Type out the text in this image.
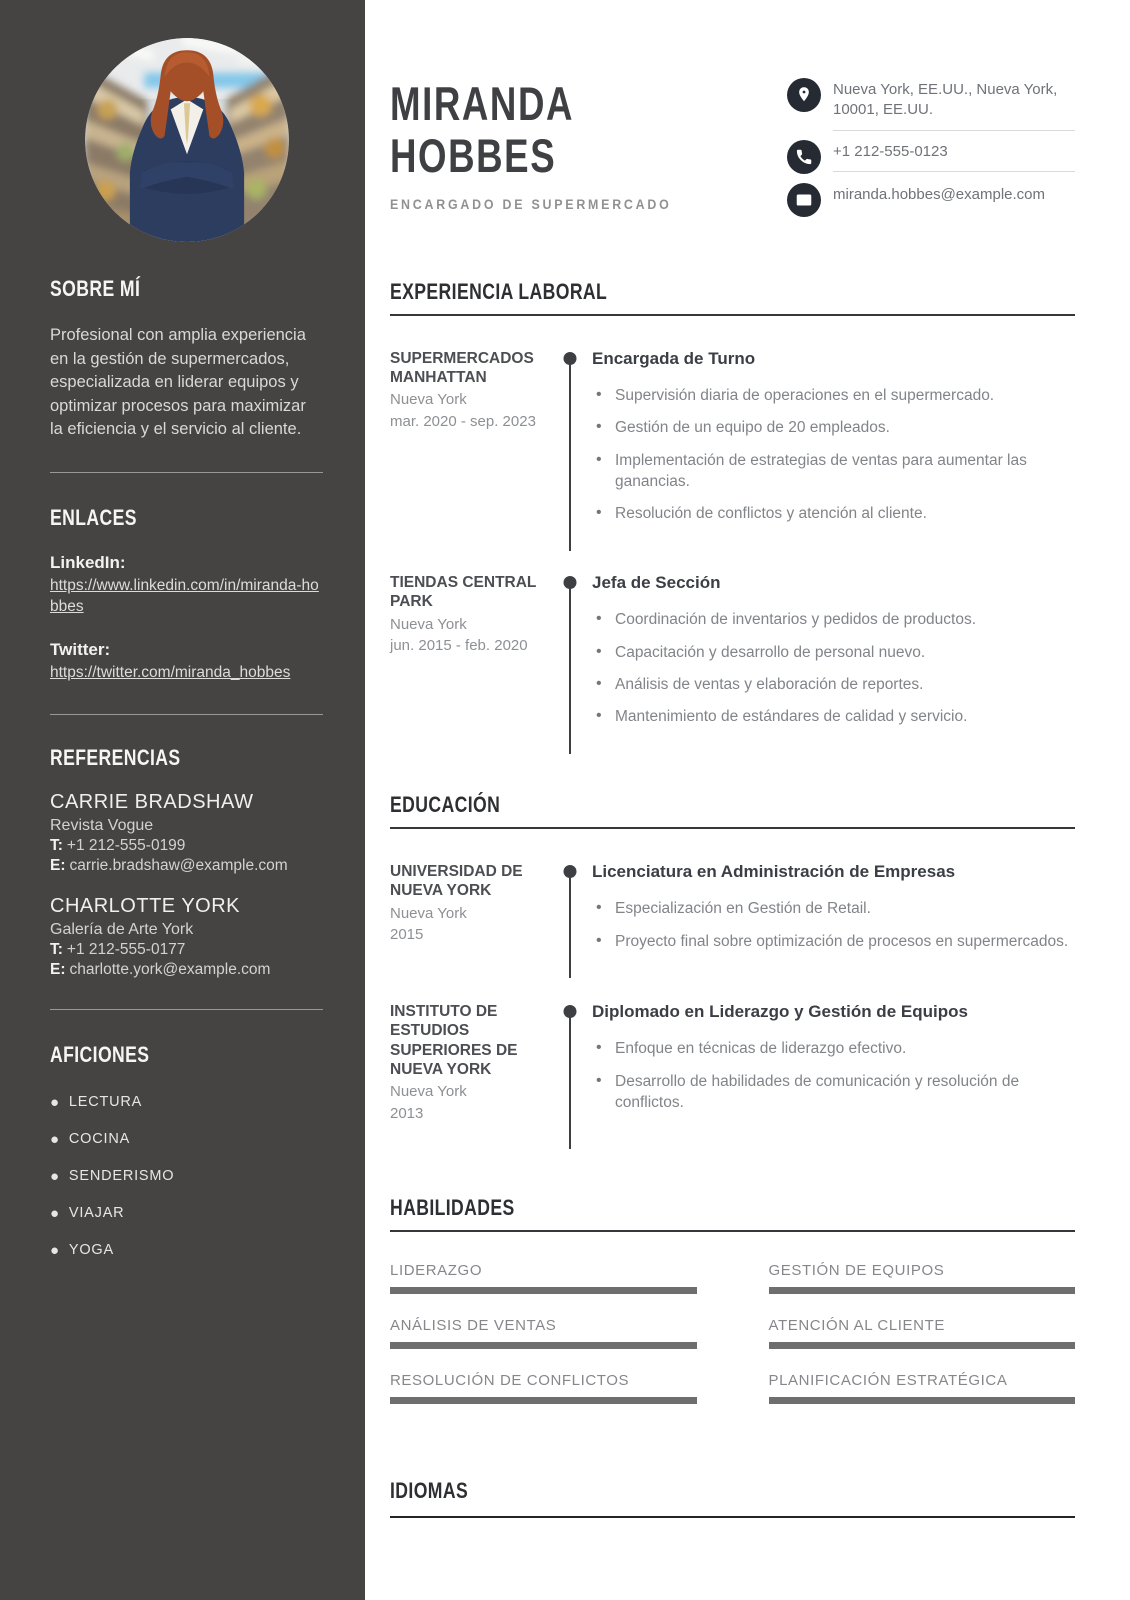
SOBRE MÍ

Profesional con amplia experiencia en la gestión de supermercados, especializada en liderar equipos y optimizar procesos para maximizar la eficiencia y el servicio al cliente.

ENLACES
LinkedIn:
https://www.linkedin.com/in/miranda-hobbes
Twitter:
https://twitter.com/miranda_hobbes
REFERENCIAS
CARRIE BRADSHAW
Revista Vogue
T: +1 212-555-0199
E: carrie.bradshaw@example.com
CHARLOTTE YORK
Galería de Arte York
T: +1 212-555-0177
E: charlotte.york@example.com
AFICIONES
● LECTURA
● COCINA
● SENDERISMO
● VIAJAR
● YOGA
MIRANDA
HOBBES
ENCARGADO DE SUPERMERCADO
Nueva York, EE.UU., Nueva York, 10001, EE.UU.
+1 212-555-0123
miranda.hobbes@example.com
EXPERIENCIA LABORAL
SUPERMERCADOS MANHATTAN
Nueva York
mar. 2020 - sep. 2023
Encargada de Turno
• Supervisión diaria de operaciones en el supermercado.
• Gestión de un equipo de 20 empleados.
• Implementación de estrategias de ventas para aumentar las ganancias.
• Resolución de conflictos y atención al cliente.
TIENDAS CENTRAL PARK
Nueva York
jun. 2015 - feb. 2020
Jefa de Sección
• Coordinación de inventarios y pedidos de productos.
• Capacitación y desarrollo de personal nuevo.
• Análisis de ventas y elaboración de reportes.
• Mantenimiento de estándares de calidad y servicio.
EDUCACIÓN
UNIVERSIDAD DE NUEVA YORK
Nueva York
2015
Licenciatura en Administración de Empresas
• Especialización en Gestión de Retail.
• Proyecto final sobre optimización de procesos en supermercados.
INSTITUTO DE ESTUDIOS SUPERIORES DE NUEVA YORK
Nueva York
2013
Diplomado en Liderazgo y Gestión de Equipos
• Enfoque en técnicas de liderazgo efectivo.
• Desarrollo de habilidades de comunicación y resolución de conflictos.
HABILIDADES
LIDERAZGO	GESTIÓN DE EQUIPOS
ANÁLISIS DE VENTAS	ATENCIÓN AL CLIENTE
RESOLUCIÓN DE CONFLICTOS	PLANIFICACIÓN ESTRATÉGICA
IDIOMAS
